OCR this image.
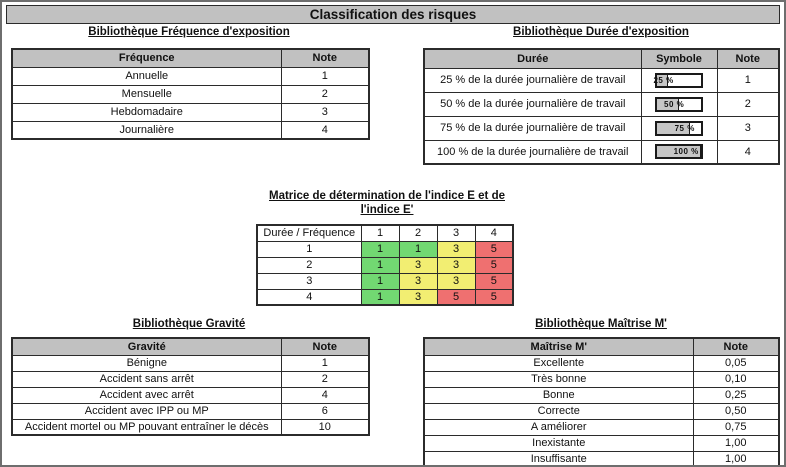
Classification des risques
Bibliothèque Fréquence d'exposition	Bibliothèque Durée d'exposition
Fréquence	Note
Annuelle	1
Mensuelle	2
Hebdomadaire	3
Journalière	4
Durée	Symbole	Note
25 % de la durée journalière de travail	25 %	1
50 % de la durée journalière de travail	50 %	2
75 % de la durée journalière de travail	75 %	3
100 % de la durée journalière de travail	100 %	4
Matrice de détermination de l'indice E et de
l'indice E'
Durée / Fréquence	1	2	3	4
1	1	1	3	5
2	1	3	3	5
3	1	3	3	5
4	1	3	5	5
Bibliothèque Gravité	Bibliothèque Maîtrise M'
Gravité	Note
Bénigne	1
Accident sans arrêt	2
Accident avec arrêt	4
Accident avec IPP ou MP	6
Accident mortel ou MP pouvant entraîner le décès	10
Maîtrise M'	Note
Excellente	0,05
Très bonne	0,10
Bonne	0,25
Correcte	0,50
A améliorer	0,75
Inexistante	1,00
Insuffisante	1,00
